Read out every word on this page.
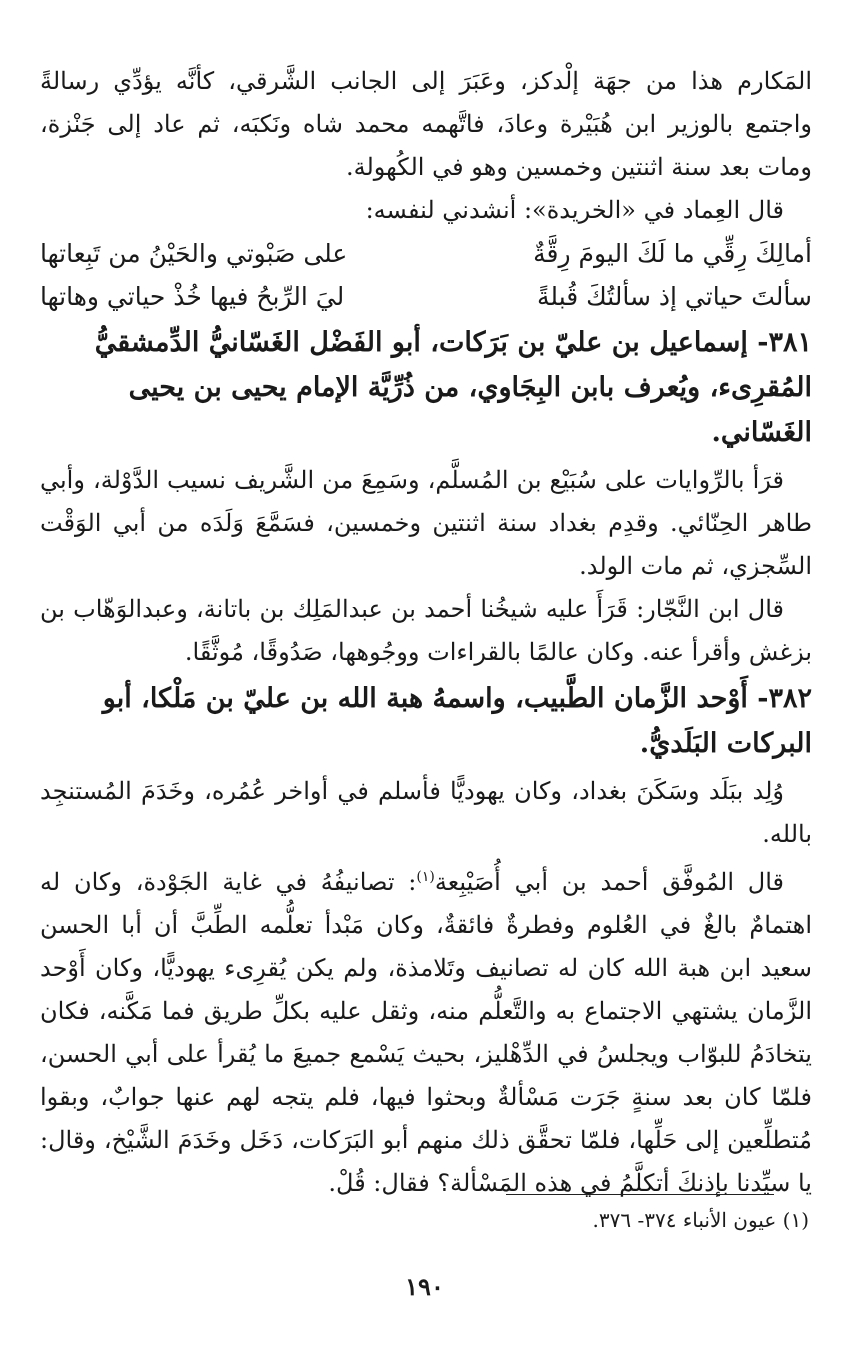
المَكارم هذا من جهَة إلْدكز، وعَبَرَ إلى الجانب الشَّرقي، كأنَّه يؤدِّي رسالةً واجتمع بالوزير ابن هُبَيْرة وعادَ، فاتَّهمه محمد شاه ونَكبَه، ثم عاد إلى جَنْزة، ومات بعد سنة اثنتين وخمسين وهو في الكُهولة.

قال العِماد في «الخريدة»: أنشدني لنفسه:

أمالِكَ رِقِّي ما لَكَ اليومَ رِقَّةٌ
على صَبْوتي والحَيْنُ من تَبِعاتها
سألتَ حياتي إذ سألتُكَ قُبلةً
ليَ الرِّبحُ فيها خُذْ حياتي وهاتها

٣٨١- إسماعيل بن عليّ بن بَرَكات، أبو الفَضْل الغَسّانيُّ الدِّمشقيُّ المُقرِىء، ويُعرف بابن البِجَاوي، من ذُرِّيَّة الإمام يحيى بن يحيى الغَسّاني.

قرَأ بالرِّوايات على سُبَيْع بن المُسلَّم، وسَمِعَ من الشَّريف نسيب الدَّوْلة، وأبي طاهر الحِنّائي. وقدِم بغداد سنة اثنتين وخمسين، فسَمَّعَ وَلَدَه من أبي الوَقْت السِّجزي، ثم مات الولد.

قال ابن النَّجّار: قَرَأَ عليه شيخُنا أحمد بن عبدالمَلِك بن باتانة، وعبدالوَهّاب بن بزغش وأقرأ عنه. وكان عالمًا بالقراءات ووجُوهها، صَدُوقًا، مُوثَّقًا.

٣٨٢- أَوْحد الزَّمان الطَّبيب، واسمهُ هبة الله بن عليّ بن مَلْكا، أبو البركات البَلَديُّ.

وُلِد ببَلَد وسَكَنَ بغداد، وكان يهوديًّا فأسلم في أواخر عُمُره، وخَدَمَ المُستنجِد بالله.

قال المُوفَّق أحمد بن أبي أُصَيْبِعة$^{(١)}$: تصانيفُهُ في غاية الجَوْدة، وكان له اهتمامٌ بالغٌ في العُلوم وفطرةٌ فائقةٌ، وكان مَبْدأ تعلُّمه الطِّبَّ أن أبا الحسن سعيد ابن هبة الله كان له تصانيف وتَلامذة، ولم يكن يُقرِىء يهوديًّا، وكان أَوْحد الزَّمان يشتهي الاجتماع به والتَّعلُّم منه، وثقل عليه بكلِّ طريق فما مَكَّنه، فكان يتخادَمُ للبوّاب ويجلسُ في الدِّهْليز، بحيث يَسْمع جميعَ ما يُقرأ على أبي الحسن، فلمّا كان بعد سنةٍ جَرَت مَسْألةٌ وبحثوا فيها، فلم يتجه لهم عنها جوابٌ، وبقوا مُتطلِّعين إلى حَلِّها، فلمّا تحقَّق ذلك منهم أبو البَرَكات، دَخَل وخَدَمَ الشَّيْخ، وقال: يا سيِّدنا بإذنكَ أتكلَّمُ في هذه المَسْألة؟ فقال: قُلْ.

(١) عيون الأنباء ٣٧٤- ٣٧٦.
١٩٠
